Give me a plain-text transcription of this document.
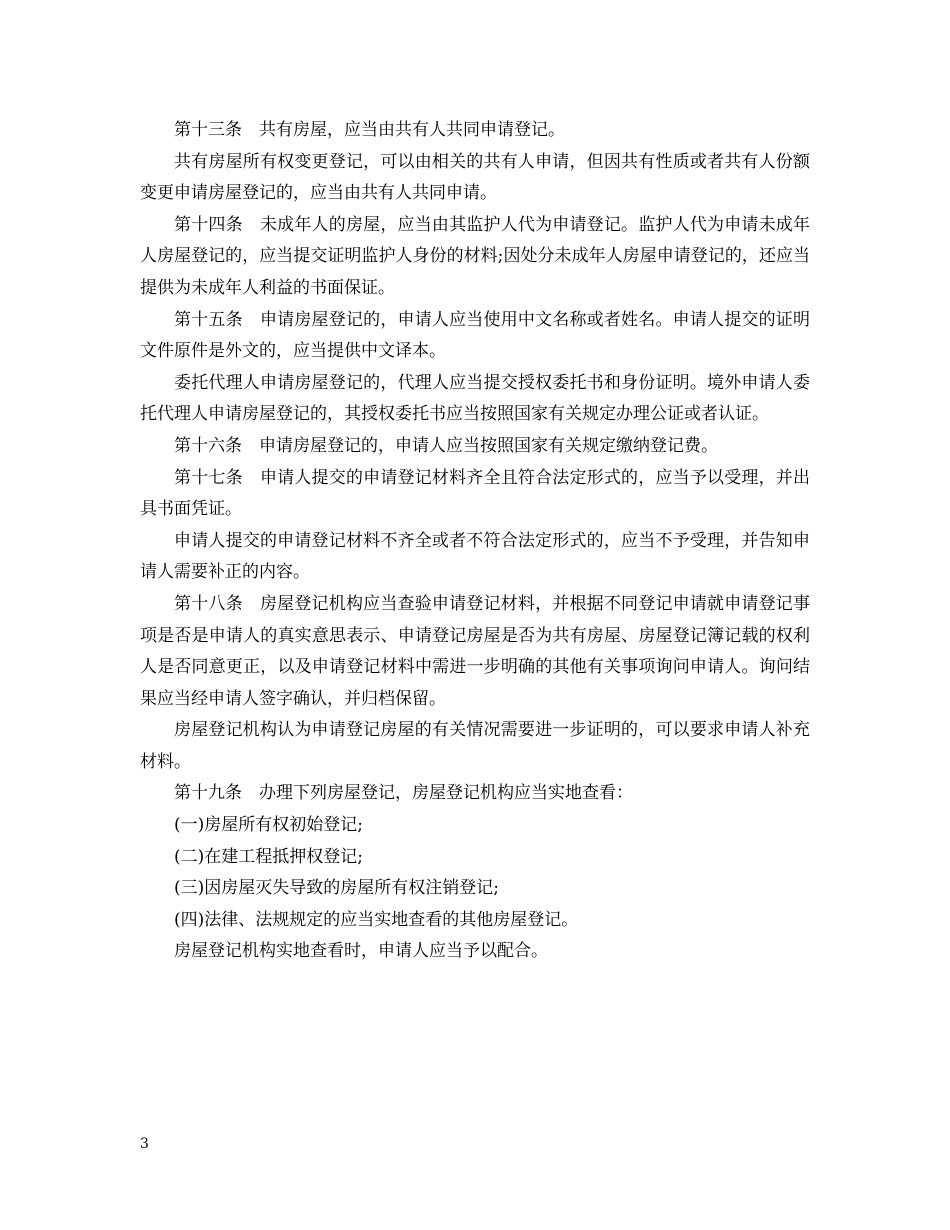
第十三条　共有房屋，应当由共有人共同申请登记。

共有房屋所有权变更登记，可以由相关的共有人申请，但因共有性质或者共有人份额变更申请房屋登记的，应当由共有人共同申请。

第十四条　未成年人的房屋，应当由其监护人代为申请登记。监护人代为申请未成年人房屋登记的，应当提交证明监护人身份的材料;因处分未成年人房屋申请登记的，还应当提供为未成年人利益的书面保证。

第十五条　申请房屋登记的，申请人应当使用中文名称或者姓名。申请人提交的证明文件原件是外文的，应当提供中文译本。

委托代理人申请房屋登记的，代理人应当提交授权委托书和身份证明。境外申请人委托代理人申请房屋登记的，其授权委托书应当按照国家有关规定办理公证或者认证。

第十六条　申请房屋登记的，申请人应当按照国家有关规定缴纳登记费。

第十七条　申请人提交的申请登记材料齐全且符合法定形式的，应当予以受理，并出具书面凭证。

申请人提交的申请登记材料不齐全或者不符合法定形式的，应当不予受理，并告知申请人需要补正的内容。

第十八条　房屋登记机构应当查验申请登记材料，并根据不同登记申请就申请登记事项是否是申请人的真实意思表示、申请登记房屋是否为共有房屋、房屋登记簿记载的权利人是否同意更正，以及申请登记材料中需进一步明确的其他有关事项询问申请人。询问结果应当经申请人签字确认，并归档保留。

房屋登记机构认为申请登记房屋的有关情况需要进一步证明的，可以要求申请人补充材料。

第十九条　办理下列房屋登记，房屋登记机构应当实地查看：

(一)房屋所有权初始登记;

(二)在建工程抵押权登记;

(三)因房屋灭失导致的房屋所有权注销登记;

(四)法律、法规规定的应当实地查看的其他房屋登记。

房屋登记机构实地查看时，申请人应当予以配合。

3
